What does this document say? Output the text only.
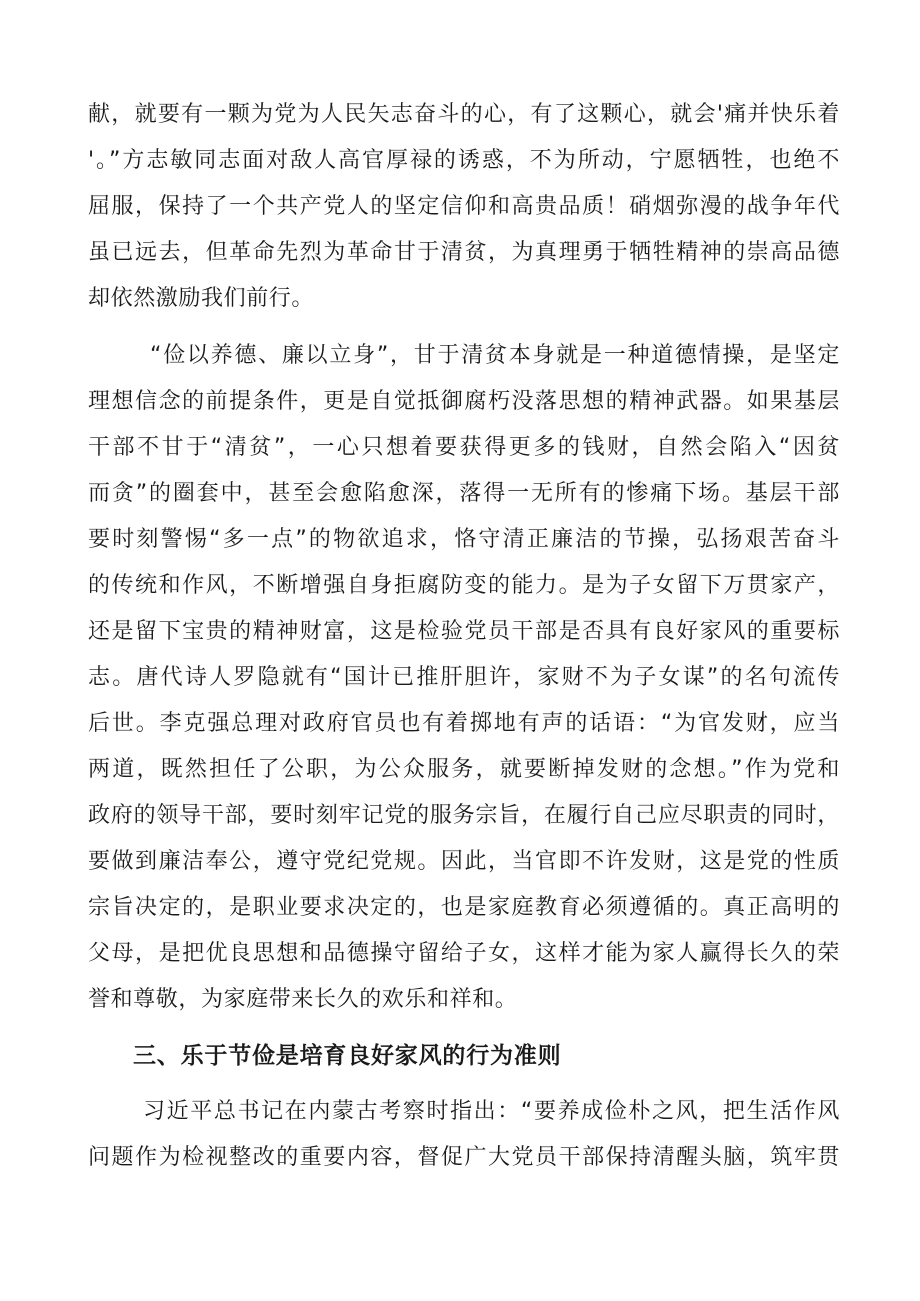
献，就要有一颗为党为人民矢志奋斗的心，有了这颗心，就会'痛并快乐着
'。”方志敏同志面对敌人高官厚禄的诱惑，不为所动，宁愿牺牲，也绝不
屈服，保持了一个共产党人的坚定信仰和高贵品质！硝烟弥漫的战争年代
虽已远去，但革命先烈为革命甘于清贫，为真理勇于牺牲精神的崇高品德
却依然激励我们前行。
“俭以养德、廉以立身”，甘于清贫本身就是一种道德情操，是坚定
理想信念的前提条件，更是自觉抵御腐朽没落思想的精神武器。如果基层
干部不甘于“清贫”，一心只想着要获得更多的钱财，自然会陷入“因贫
而贪”的圈套中，甚至会愈陷愈深，落得一无所有的惨痛下场。基层干部
要时刻警惕“多一点”的物欲追求，恪守清正廉洁的节操，弘扬艰苦奋斗
的传统和作风，不断增强自身拒腐防变的能力。是为子女留下万贯家产，
还是留下宝贵的精神财富，这是检验党员干部是否具有良好家风的重要标
志。唐代诗人罗隐就有“国计已推肝胆许，家财不为子女谋”的名句流传
后世。李克强总理对政府官员也有着掷地有声的话语：“为官发财，应当
两道，既然担任了公职，为公众服务，就要断掉发财的念想。”作为党和
政府的领导干部，要时刻牢记党的服务宗旨，在履行自己应尽职责的同时，
要做到廉洁奉公，遵守党纪党规。因此，当官即不许发财，这是党的性质
宗旨决定的，是职业要求决定的，也是家庭教育必须遵循的。真正高明的
父母，是把优良思想和品德操守留给子女，这样才能为家人赢得长久的荣
誉和尊敬，为家庭带来长久的欢乐和祥和。
三、乐于节俭是培育良好家风的行为准则
习近平总书记在内蒙古考察时指出：“要养成俭朴之风，把生活作风
问题作为检视整改的重要内容，督促广大党员干部保持清醒头脑，筑牢贯
